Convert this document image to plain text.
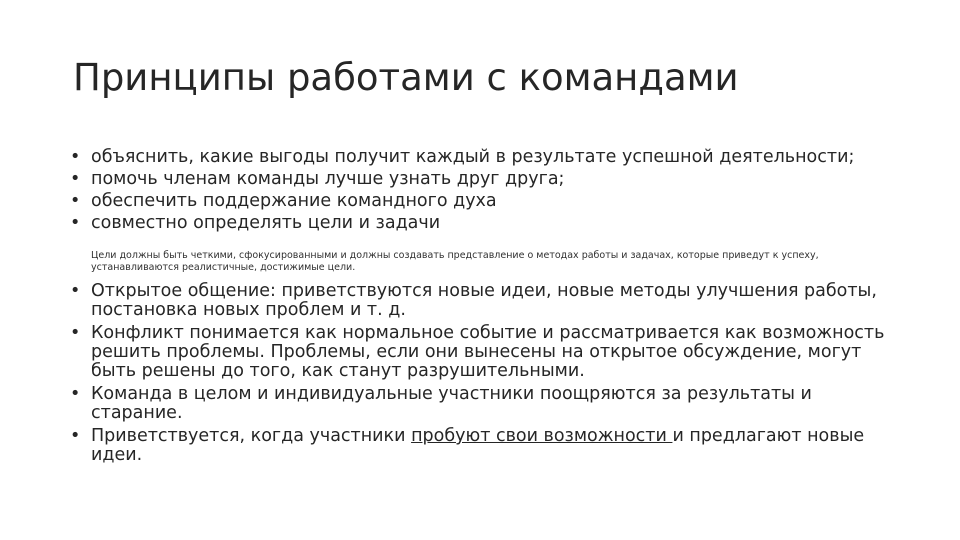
Принципы работами с командами
• объяснить, какие выгоды получит каждый в результате успешной деятельности;
• помочь членам команды лучше узнать друг друга;
• обеспечить поддержание командного духа
• совместно определять цели и задачи
Цели должны быть четкими, сфокусированными и должны создавать представление о методах работы и задачах, которые приведут к успеху, устанавливаются реалистичные, достижимые цели.
• Открытое общение: приветствуются новые идеи, новые методы улучшения работы, постановка новых проблем и т. д.
• Конфликт понимается как нормальное событие и рассматривается как возможность решить проблемы. Проблемы, если они вынесены на открытое обсуждение, могут быть решены до того, как станут разрушительными.
• Команда в целом и индивидуальные участники поощряются за результаты и старание.
• Приветствуется, когда участники пробуют свои возможности и предлагают новые идеи.
